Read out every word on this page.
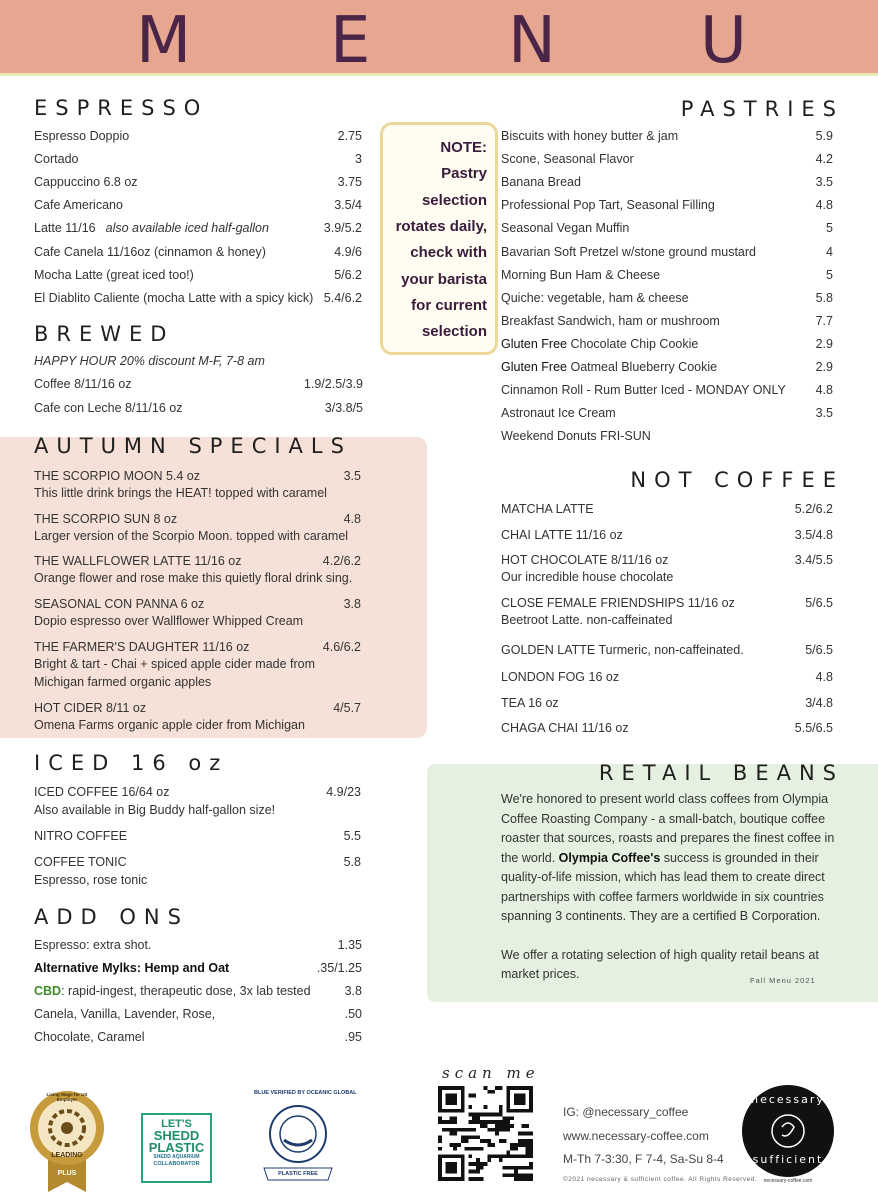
M E N U
ESPRESSO
Espresso Doppio	2.75
Cortado	3
Cappuccino 6.8 oz	3.75
Cafe Americano	3.5/4
Latte 11/16 also available iced half-gallon	3.9/5.2
Cafe Canela 11/16oz (cinnamon & honey)	4.9/6
Mocha Latte (great iced too!)	5/6.2
El Diablito Caliente (mocha Latte with a spicy kick) 5.4/6.2
BREWED
HAPPY HOUR 20% discount M-F, 7-8 am
Coffee 8/11/16 oz	1.9/2.5/3.9
Cafe con Leche 8/11/16 oz	3/3.8/5
AUTUMN SPECIALS
THE SCORPIO MOON 5.4 oz	3.5
This little drink brings the HEAT! topped with caramel
THE SCORPIO SUN 8 oz	4.8
Larger version of the Scorpio Moon. topped with caramel
THE WALLFLOWER LATTE 11/16 oz	4.2/6.2
Orange flower and rose make this quietly floral drink sing.
SEASONAL CON PANNA 6 oz	3.8
Dopio espresso over Wallflower Whipped Cream
THE FARMER'S DAUGHTER 11/16 oz	4.6/6.2
Bright & tart - Chai + spiced apple cider made from
Michigan farmed organic apples
HOT CIDER 8/11 oz	4/5.7
Omena Farms organic apple cider from Michigan
ICED 16 oz
ICED COFFEE 16/64 oz	4.9/23
Also available in Big Buddy half-gallon size!
NITRO COFFEE	5.5
COFFEE TONIC	5.8
Espresso, rose tonic
ADD ONS
Espresso: extra shot.	1.35
Alternative Mylks: Hemp and Oat	.35/1.25
CBD: rapid-ingest, therapeutic dose, 3x lab tested	3.8
Canela, Vanilla, Lavender, Rose,	.50
Chocolate, Caramel	.95
NOTE:
Pastry
selection
rotates daily,
check with
your barista
for current
selection
PASTRIES
Biscuits with honey butter & jam	5.9
Scone, Seasonal Flavor	4.2
Banana Bread	3.5
Professional Pop Tart, Seasonal Filling	4.8
Seasonal Vegan Muffin	5
Bavarian Soft Pretzel w/stone ground mustard	4
Morning Bun Ham & Cheese	5
Quiche: vegetable, ham & cheese	5.8
Breakfast Sandwich, ham or mushroom	7.7
Gluten Free Chocolate Chip Cookie	2.9
Gluten Free Oatmeal Blueberry Cookie	2.9
Cinnamon Roll - Rum Butter Iced - MONDAY ONLY 4.8
Astronaut Ice Cream	3.5
Weekend Donuts FRI-SUN
NOT COFFEE
MATCHA LATTE	5.2/6.2
CHAI LATTE 11/16 oz	3.5/4.8
HOT CHOCOLATE 8/11/16 oz	3.4/5.5
Our incredible house chocolate
CLOSE FEMALE FRIENDSHIPS 11/16 oz	5/6.5
Beetroot Latte. non-caffeinated
GOLDEN LATTE Turmeric, non-caffeinated.	5/6.5
LONDON FOG 16 oz	4.8
TEA 16 oz	3/4.8
CHAGA CHAI 11/16 oz	5.5/6.5
RETAIL BEANS

We're honored to present world class coffees from Olympia Coffee Roasting Company - a small-batch, boutique coffee roaster that sources, roasts and prepares the finest coffee in the world. Olympia Coffee's success is grounded in their quality-of-life mission, which has lead them to create direct partnerships with coffee farmers worldwide in six countries spanning 3 continents. They are a certified B Corporation.

We offer a rotating selection of high quality retail beans at market prices.	Fall Menu 2021
LEADING
PLUS
Living Wage for US Employer
LET'S
SHEDD
PLASTIC
SHEDD AQUARIUM
COLLABORATOR
BLUE VERIFIED BY OCEANIC GLOBAL
PLASTIC FREE
scan me
IG: @necessary_coffee
www.necessary-coffee.com
M-Th 7-3:30, F 7-4, Sa-Su 8-4
©2021 necessary & sufficient coffee. All Rights Reserved.
necessary
sufficient
necessary-coffee.com
